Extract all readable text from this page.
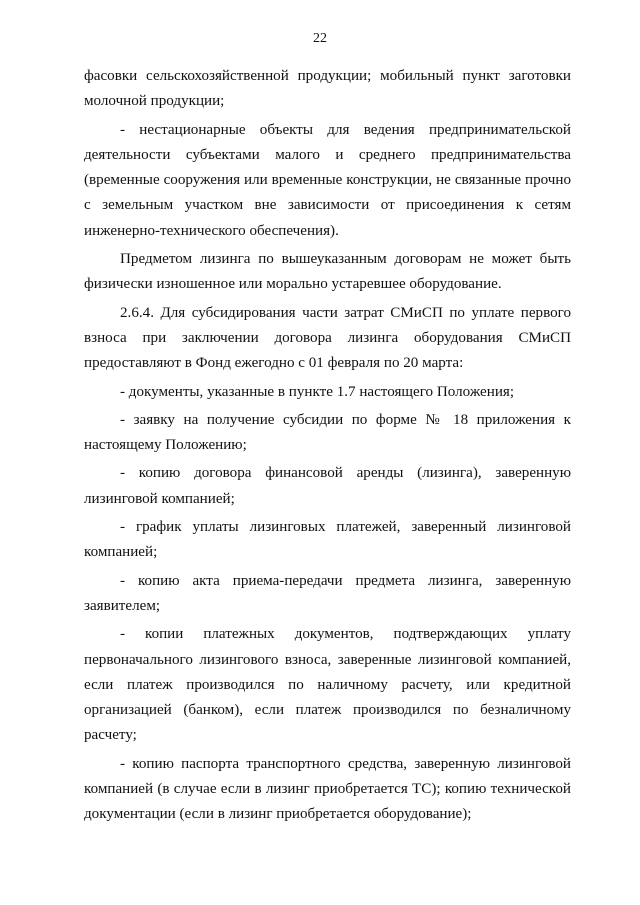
22

фасовки сельскохозяйственной продукции; мобильный пункт заготовки молочной продукции;

- нестационарные объекты для ведения предпринимательской деятельности субъектами малого и среднего предпринимательства (временные сооружения или временные конструкции, не связанные прочно с земельным участком вне зависимости от присоединения к сетям инженерно-технического обеспечения).

Предметом лизинга по вышеуказанным договорам не может быть физически изношенное или морально устаревшее оборудование.

2.6.4. Для субсидирования части затрат СМиСП по уплате первого взноса при заключении договора лизинга оборудования СМиСП предоставляют в Фонд ежегодно с 01 февраля по 20 марта:

- документы, указанные в пункте 1.7 настоящего Положения;

- заявку на получение субсидии по форме № 18 приложения к настоящему Положению;

- копию договора финансовой аренды (лизинга), заверенную лизинговой компанией;

- график уплаты лизинговых платежей, заверенный лизинговой компанией;

- копию акта приема-передачи предмета лизинга, заверенную заявителем;

- копии платежных документов, подтверждающих уплату первоначального лизингового взноса, заверенные лизинговой компанией, если платеж производился по наличному расчету, или кредитной организацией (банком), если платеж производился по безналичному расчету;

- копию паспорта транспортного средства, заверенную лизинговой компанией (в случае если в лизинг приобретается ТС); копию технической документации (если в лизинг приобретается оборудование);
